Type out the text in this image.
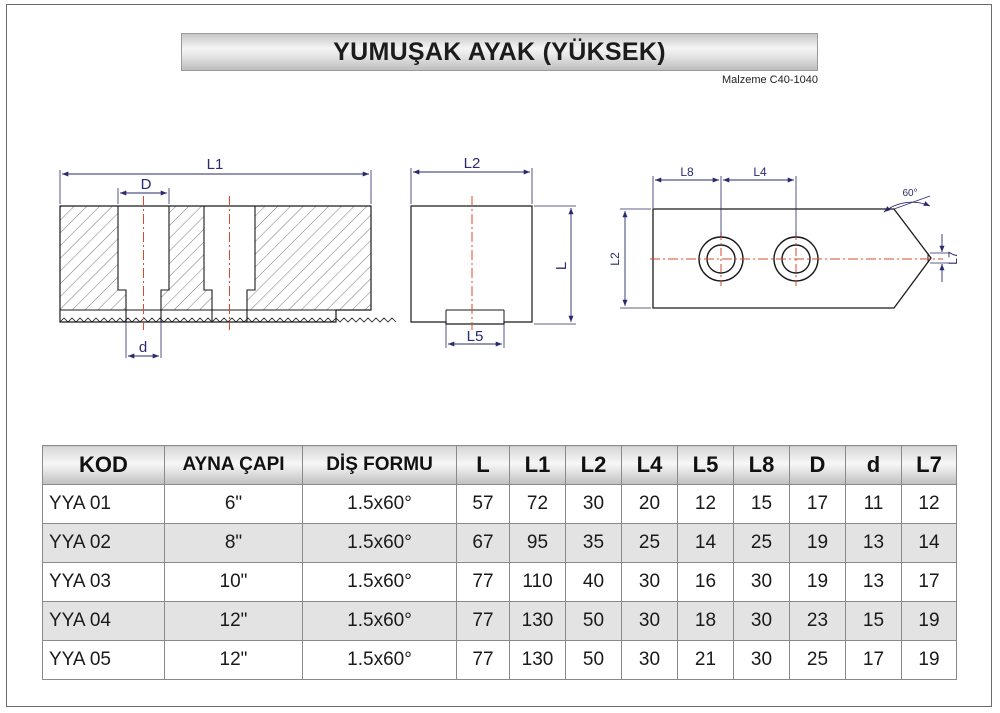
YUMUŞAK AYAK (YÜKSEK)
Malzeme C40-1040
L1
D
d
L2
L
L5
L8	L4
L2	L7
60°
KOD	AYNA ÇAPI	DİŞ FORMU	L	L1	L2	L4	L5	L8	D	d	L7
YYA 01	6"	1.5x60°	57	72	30	20	12	15	17	11	12
YYA 02	8"	1.5x60°	67	95	35	25	14	25	19	13	14
YYA 03	10"	1.5x60°	77	110	40	30	16	30	19	13	17
YYA 04	12"	1.5x60°	77	130	50	30	18	30	23	15	19
YYA 05	12"	1.5x60°	77	130	50	30	21	30	25	17	19
